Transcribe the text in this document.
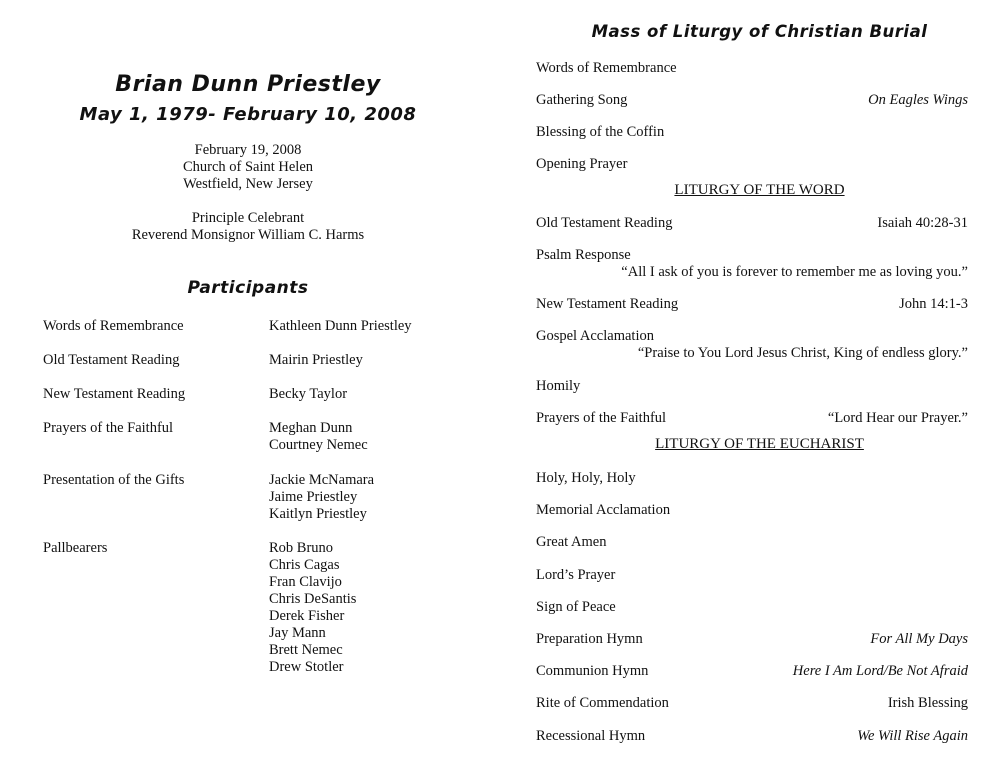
Brian Dunn Priestley
May 1, 1979- February 10, 2008
February 19, 2008
Church of Saint Helen
Westfield, New Jersey
Principle Celebrant
Reverend Monsignor William C. Harms
Participants
Words of Remembrance	Kathleen Dunn Priestley
Old Testament Reading	Mairin Priestley
New Testament Reading	Becky Taylor
Prayers of the Faithful	Meghan Dunn
Courtney Nemec
Presentation of the Gifts	Jackie McNamara
Jaime Priestley
Kaitlyn Priestley
Pallbearers	Rob Bruno
Chris Cagas
Fran Clavijo
Chris DeSantis
Derek Fisher
Jay Mann
Brett Nemec
Drew Stotler
Mass of Liturgy of Christian Burial
Words of Remembrance
Gathering Song	On Eagles Wings
Blessing of the Coffin
Opening Prayer
LITURGY OF THE WORD
Old Testament Reading	Isaiah 40:28-31
Psalm Response
“All I ask of you is forever to remember me as loving you.”
New Testament Reading	John 14:1-3
Gospel Acclamation
“Praise to You Lord Jesus Christ, King of endless glory.”
Homily
Prayers of the Faithful	“Lord Hear our Prayer.”
LITURGY OF THE EUCHARIST
Holy, Holy, Holy
Memorial Acclamation
Great Amen
Lord’s Prayer
Sign of Peace
Preparation Hymn	For All My Days
Communion Hymn	Here I Am Lord/Be Not Afraid
Rite of Commendation	Irish Blessing
Recessional Hymn	We Will Rise Again
